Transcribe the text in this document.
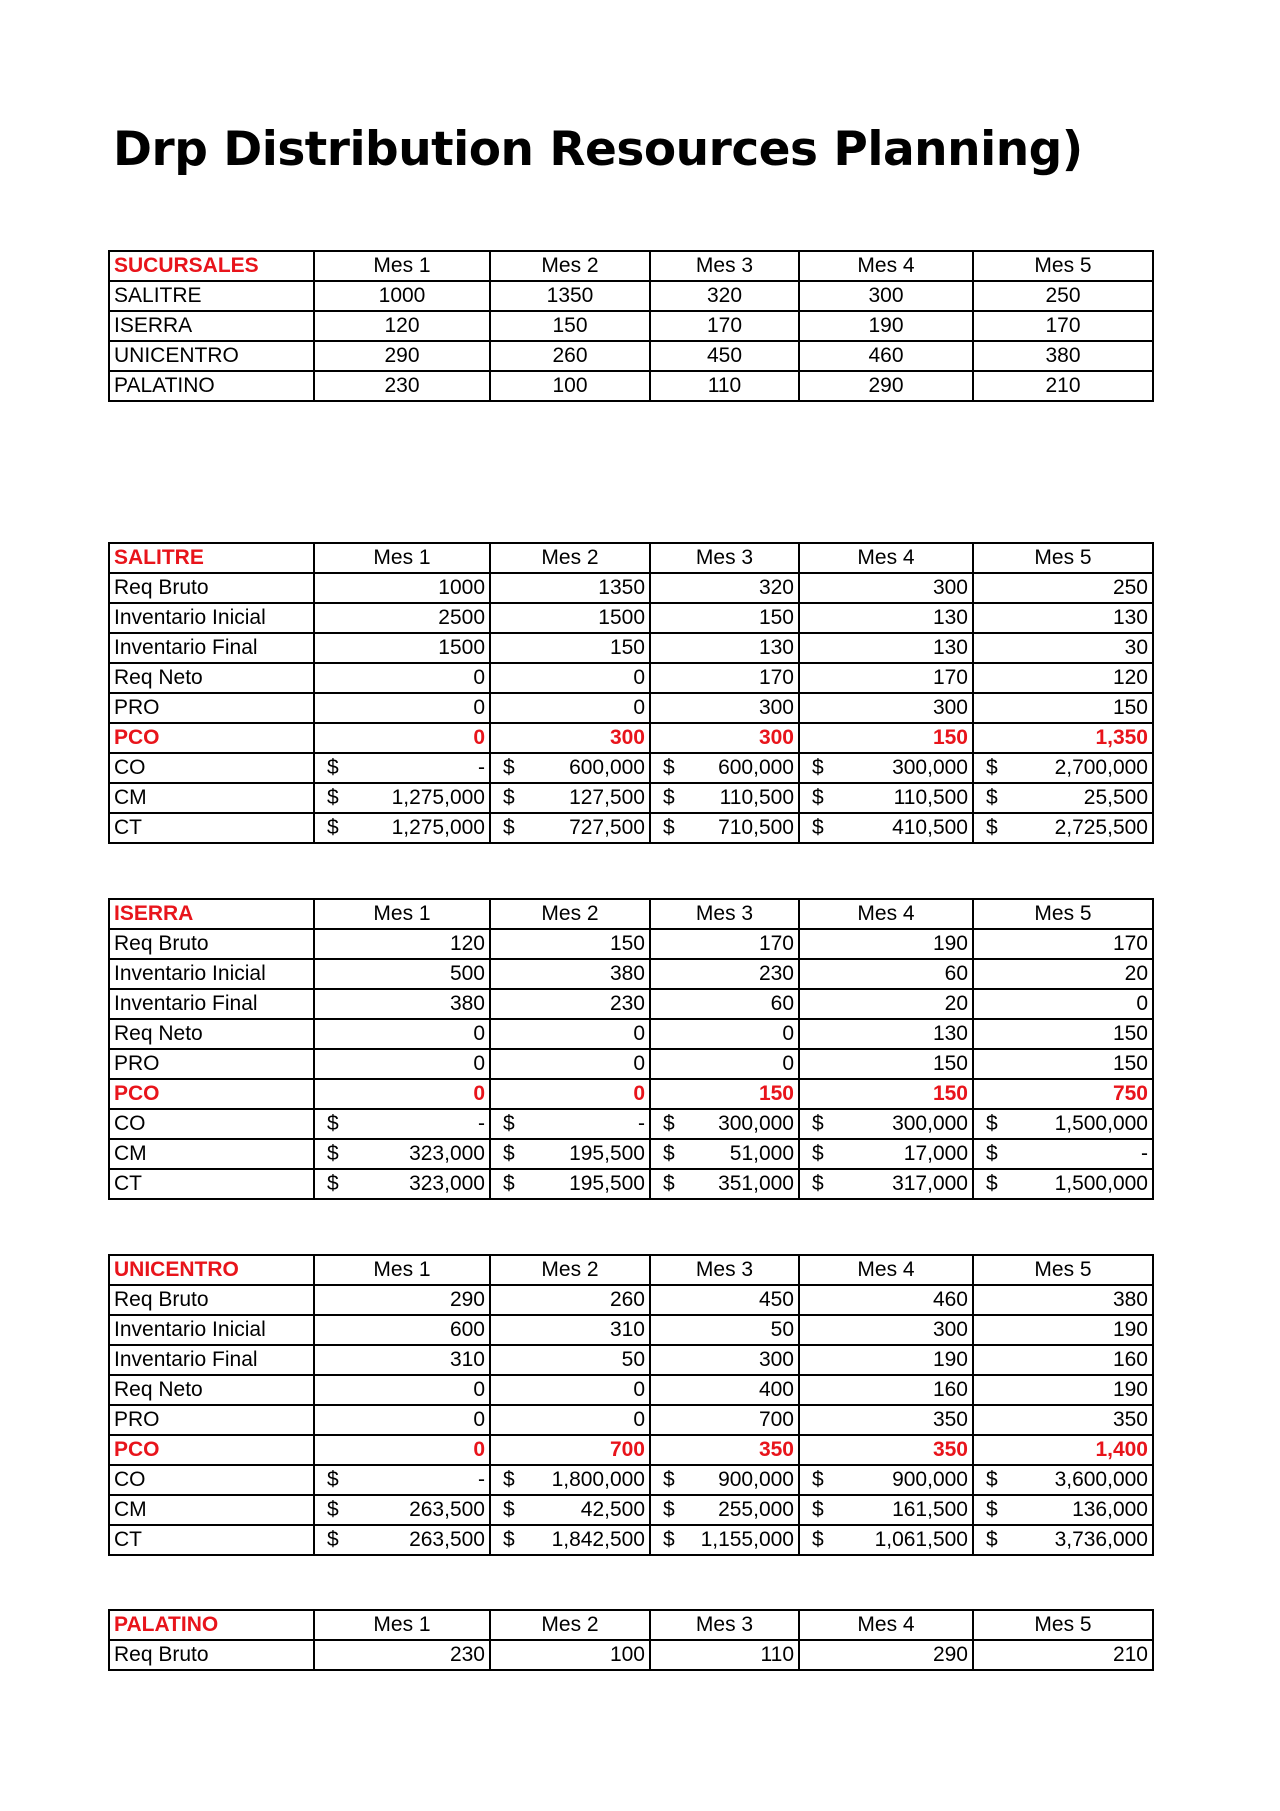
Drp Distribution Resources Planning)
SUCURSALES	Mes 1	Mes 2	Mes 3	Mes 4	Mes 5
SALITRE	1000	1350	320	300	250
ISERRA	120	150	170	190	170
UNICENTRO	290	260	450	460	380
PALATINO	230	100	110	290	210
SALITRE	Mes 1	Mes 2	Mes 3	Mes 4	Mes 5
Req Bruto	1000	1350	320	300	250
Inventario Inicial	2500	1500	150	130	130
Inventario Final	1500	150	130	130	30
Req Neto	0	0	170	170	120
PRO	0	0	300	300	150
PCO	0	300	300	150	1,350
CO	$ -	$ 600,000	$ 600,000	$ 300,000	$ 2,700,000

CM	$ 1,275,000	$ 127,500	$ 110,500	$ 110,500	$ 25,500

CT	$ 1,275,000	$ 727,500	$ 710,500	$ 410,500	$ 2,725,500
ISERRA	Mes 1	Mes 2	Mes 3	Mes 4	Mes 5
Req Bruto	120	150	170	190	170
Inventario Inicial	500	380	230	60	20
Inventario Final	380	230	60	20	0
Req Neto	0	0	0	130	150
PRO	0	0	0	150	150
PCO	0	0	150	150	750
CO	$ -	$ -	$ 300,000	$ 300,000	$ 1,500,000

CM	$ 323,000	$ 195,500	$ 51,000	$ 17,000	$ -

CT	$ 323,000	$ 195,500	$ 351,000	$ 317,000	$ 1,500,000
UNICENTRO	Mes 1	Mes 2	Mes 3	Mes 4	Mes 5
Req Bruto	290	260	450	460	380
Inventario Inicial	600	310	50	300	190
Inventario Final	310	50	300	190	160
Req Neto	0	0	400	160	190
PRO	0	0	700	350	350
PCO	0	700	350	350	1,400
CO	$ -	$ 1,800,000	$ 900,000	$ 900,000	$ 3,600,000

CM	$ 263,500	$ 42,500	$ 255,000	$ 161,500	$ 136,000

CT	$ 263,500	$ 1,842,500	$ 1,155,000	$ 1,061,500	$ 3,736,000
PALATINO	Mes 1	Mes 2	Mes 3	Mes 4	Mes 5
Req Bruto	230	100	110	290	210
